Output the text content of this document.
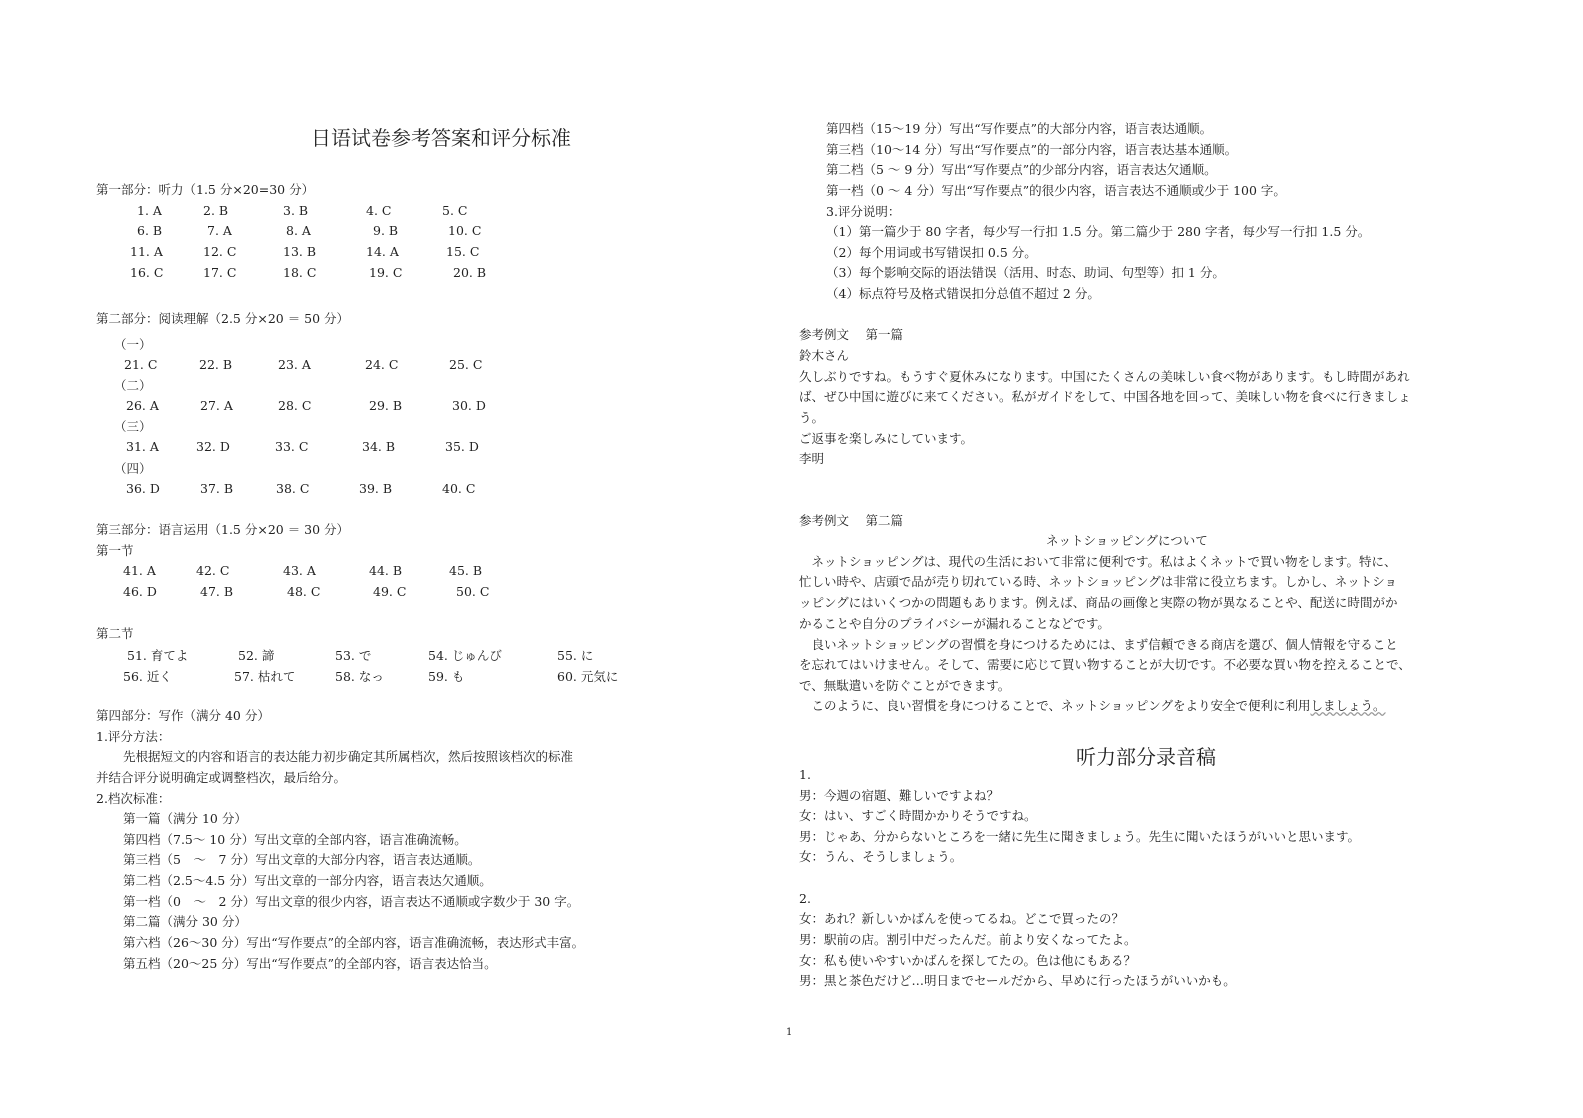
日语试卷参考答案和评分标准
第一部分：听力（1.5 分×20=30 分）
1. A	2. B	3. B	4. C	5. C
6. B	7. A	8. A	9. B	10. C
11. A	12. C	13. B	14. A	15. C
16. C	17. C	18. C	19. C	20. B
第二部分：阅读理解（2.5 分×20 ＝ 50 分）
（一）
21. C	22. B	23. A	24. C	25. C
（二）
26. A	27. A	28. C	29. B	30. D
（三）
31. A	32. D	33. C	34. B	35. D
（四）
36. D	37. B	38. C	39. B	40. C
第三部分：语言运用（1.5 分×20 ＝ 30 分）
第一节
41. A	42. C	43. A	44. B	45. B
46. D	47. B	48. C	49. C	50. C
第二节
51. 育てよ	52. 諦	53. で	54. じゅんび	55. に
56. 近く	57. 枯れて	58. なっ	59. も	60. 元気に
第四部分：写作（满分 40 分）
1.评分方法：
先根据短文的内容和语言的表达能力初步确定其所属档次，然后按照该档次的标准
并结合评分说明确定或调整档次，最后给分。
2.档次标准：
第一篇（满分 10 分）
第四档（7.5～ 10 分）写出文章的全部内容，语言准确流畅。
第三档（5　～　7 分）写出文章的大部分内容，语言表达通顺。
第二档（2.5～4.5 分）写出文章的一部分内容，语言表达欠通顺。
第一档（0　～　2 分）写出文章的很少内容，语言表达不通顺或字数少于 30 字。
第二篇（满分 30 分）
第六档（26～30 分）写出“写作要点”的全部内容，语言准确流畅，表达形式丰富。
第五档（20～25 分）写出“写作要点”的全部内容，语言表达恰当。
第四档（15～19 分）写出“写作要点”的大部分内容，语言表达通顺。
第三档（10～14 分）写出“写作要点”的一部分内容，语言表达基本通顺。
第二档（5 ～ 9 分）写出“写作要点”的少部分内容，语言表达欠通顺。
第一档（0 ～ 4 分）写出“写作要点”的很少内容，语言表达不通顺或少于 100 字。
3.评分说明：
（1）第一篇少于 80 字者，每少写一行扣 1.5 分。第二篇少于 280 字者，每少写一行扣 1.5 分。
（2）每个用词或书写错误扣 0.5 分。
（3）每个影响交际的语法错误（活用、时态、助词、句型等）扣 1 分。
（4）标点符号及格式错误扣分总值不超过 2 分。
参考例文　 第一篇
鈴木さん
久しぶりですね。もうすぐ夏休みになります。中国にたくさんの美味しい食べ物があります。もし時間があれ
ば、ぜひ中国に遊びに来てください。私がガイドをして、中国各地を回って、美味しい物を食べに行きましょ
う。
ご返事を楽しみにしています。
李明
参考例文　 第二篇
ネットショッピングについて
　ネットショッピングは、現代の生活において非常に便利です。私はよくネットで買い物をします。特に、
忙しい時や、店頭で品が売り切れている時、ネットショッピングは非常に役立ちます。しかし、ネットショ
ッピングにはいくつかの問題もあります。例えば、商品の画像と実際の物が異なることや、配送に時間がか
かることや自分のプライバシーが漏れることなどです。
　良いネットショッピングの習慣を身につけるためには、まず信頼できる商店を選び、個人情報を守ること
を忘れてはいけません。そして、需要に応じて買い物することが大切です。不必要な買い物を控えることで、
で、無駄遣いを防ぐことができます。
　このように、良い習慣を身につけることで、ネットショッピングをより安全で便利に利用しましょう。
听力部分录音稿
1.
男：今週の宿題、難しいですよね？
女：はい、すごく時間かかりそうですね。
男：じゃあ、分からないところを一緒に先生に聞きましょう。先生に聞いたほうがいいと思います。
女：うん、そうしましょう。
2.
女：あれ？新しいかばんを使ってるね。どこで買ったの？
男：駅前の店。割引中だったんだ。前より安くなってたよ。
女：私も使いやすいかばんを探してたの。色は他にもある？
男：黒と茶色だけど…明日までセールだから、早めに行ったほうがいいかも。
1
